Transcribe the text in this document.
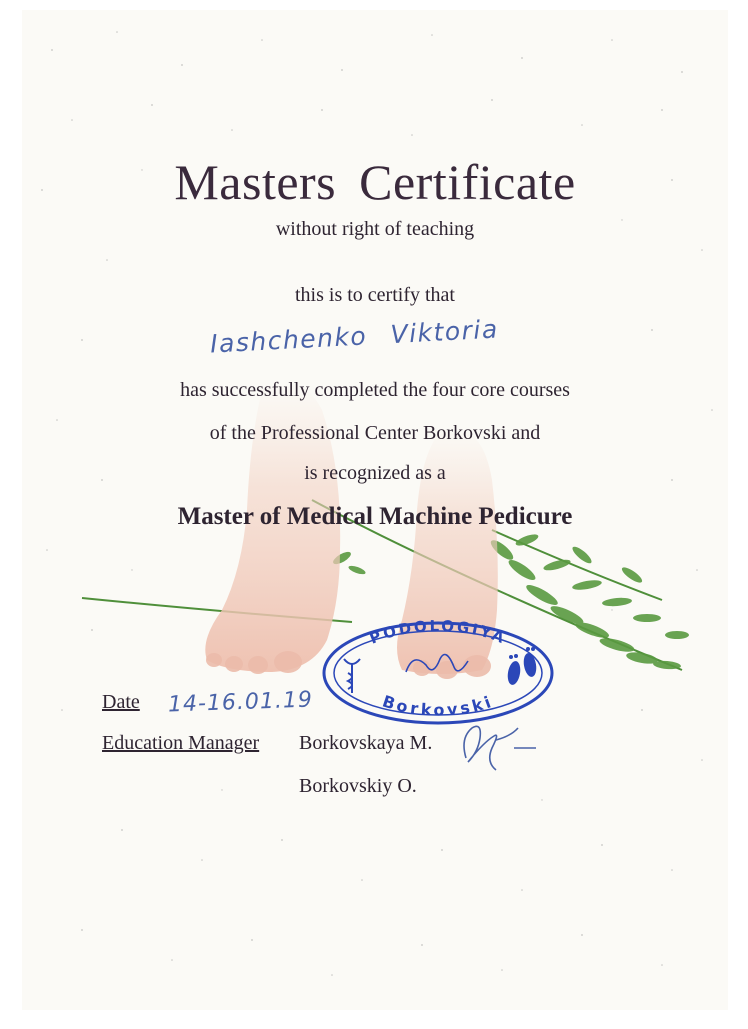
Masters Certificate
without right of teaching
this is to certify that
Iashchenko Viktoria
has successfully completed the four core courses
of the Professional Center Borkovski and
is recognized as a
Master of Medical Machine Pedicure
PODOLOGIYA
Borkovski
Date 14-16.01.19
Education Manager Borkovskaya M.
Borkovskiy O.
